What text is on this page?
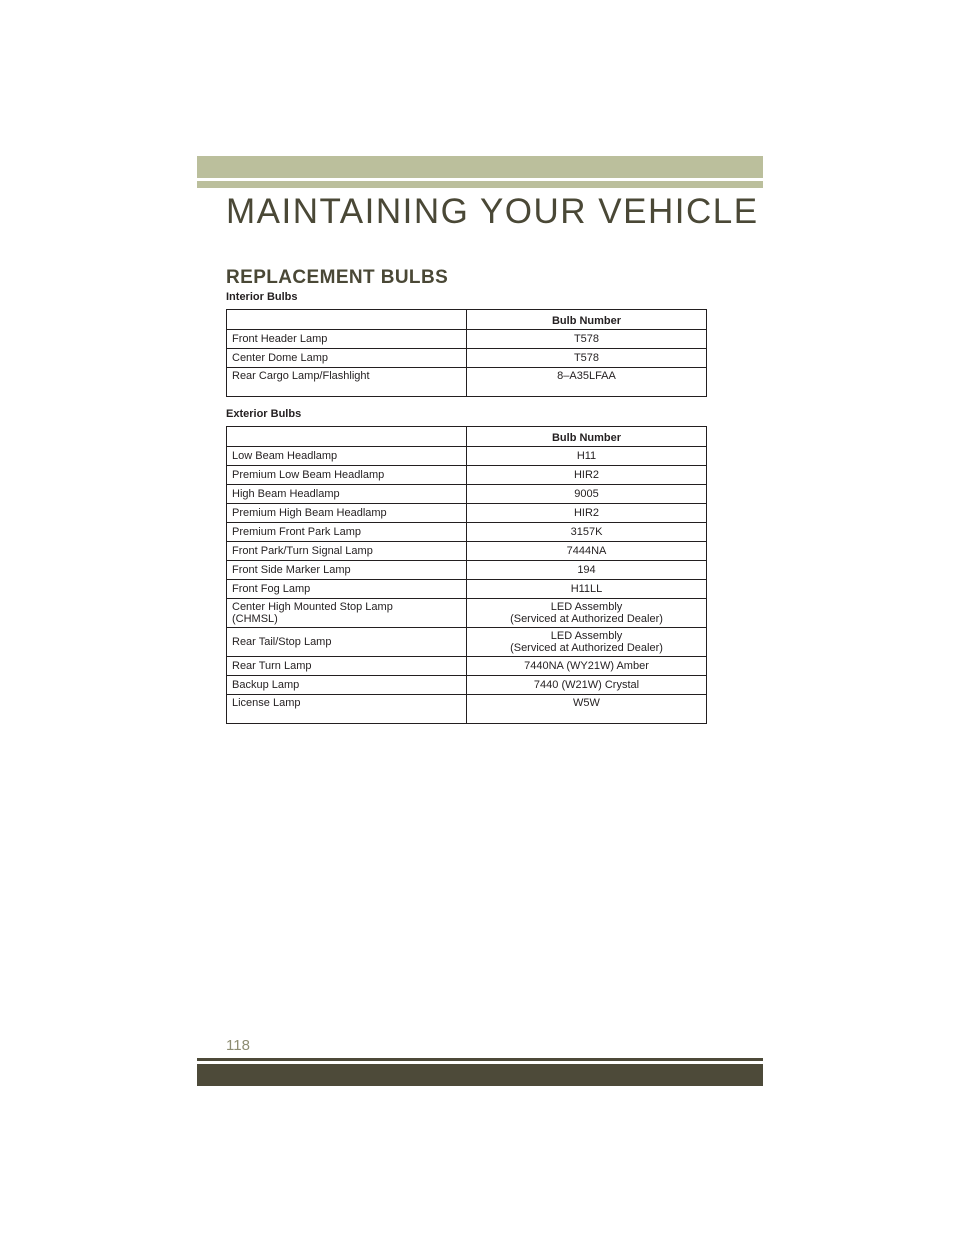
MAINTAINING YOUR VEHICLE
REPLACEMENT BULBS

Interior Bulbs

	Bulb Number
Front Header Lamp	T578
Center Dome Lamp	T578
Rear Cargo Lamp/Flashlight	8–A35LFAA

Exterior Bulbs

	Bulb Number
Low Beam Headlamp	H11
Premium Low Beam Headlamp	HIR2
High Beam Headlamp	9005
Premium High Beam Headlamp	HIR2
Premium Front Park Lamp	3157K
Front Park/Turn Signal Lamp	7444NA
Front Side Marker Lamp	194
Front Fog Lamp	H11LL

Center High Mounted Stop Lamp
(CHMSL)	LED Assembly
(Serviced at Authorized Dealer)

Rear Tail/Stop Lamp	LED Assembly
(Serviced at Authorized Dealer)

Rear Turn Lamp	7440NA (WY21W) Amber
Backup Lamp	7440 (W21W) Crystal
License Lamp	W5W

118
